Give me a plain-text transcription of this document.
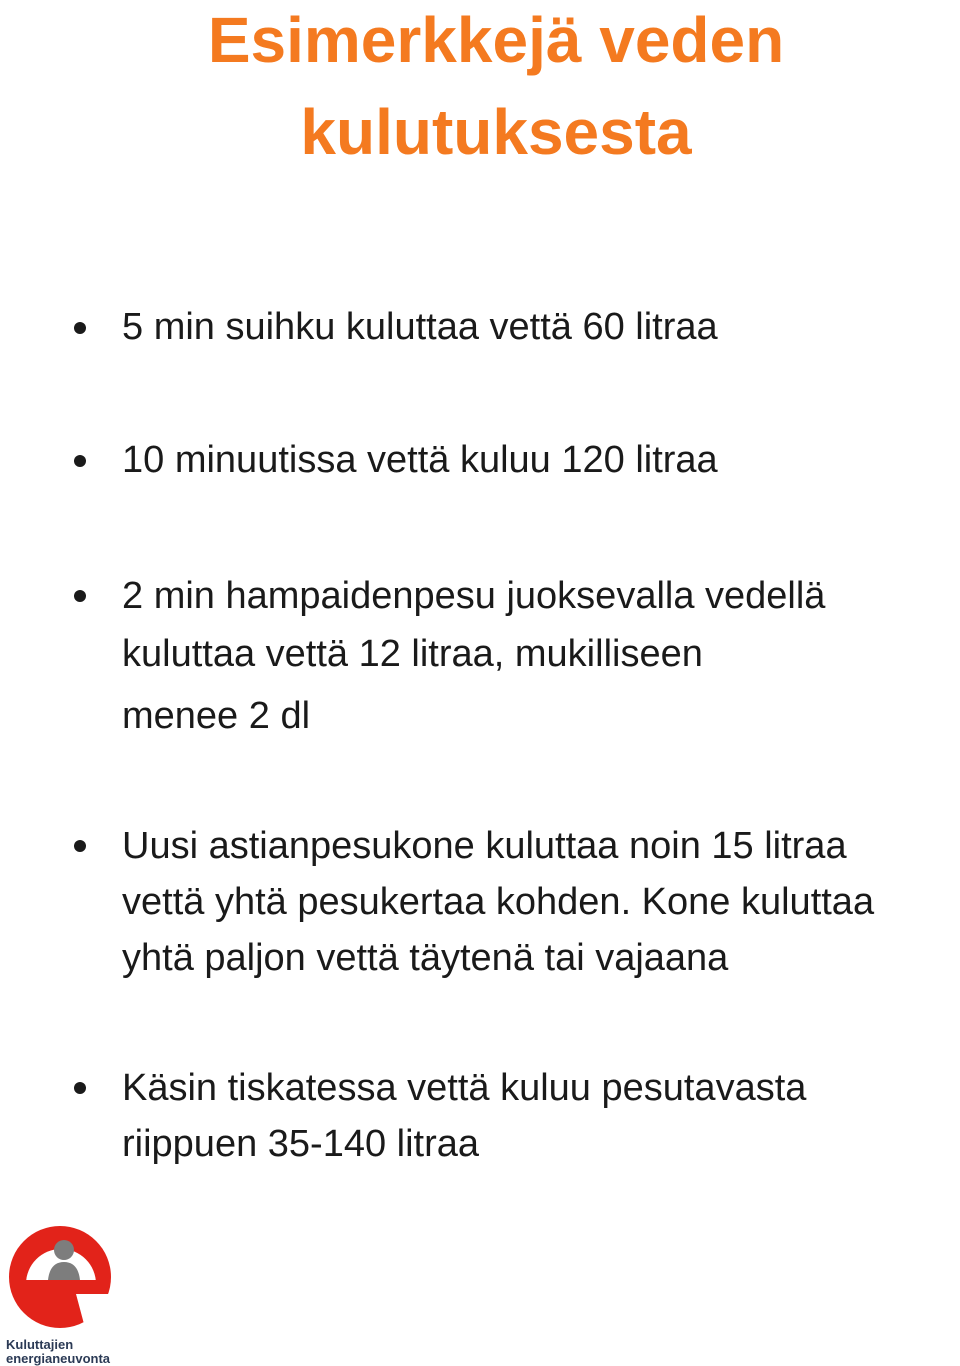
Esimerkkejä veden
kulutuksesta
5 min suihku kuluttaa vettä 60 litraa
10 minuutissa vettä kuluu 120 litraa
2 min hampaidenpesu juoksevalla vedellä
kuluttaa vettä 12 litraa, mukilliseen
menee 2 dl
Uusi astianpesukone kuluttaa noin 15 litraa
vettä yhtä pesukertaa kohden. Kone kuluttaa
yhtä paljon vettä täytenä tai vajaana
Käsin tiskatessa vettä kuluu pesutavasta
riippuen 35-140 litraa
Kuluttajien
energianeuvonta
